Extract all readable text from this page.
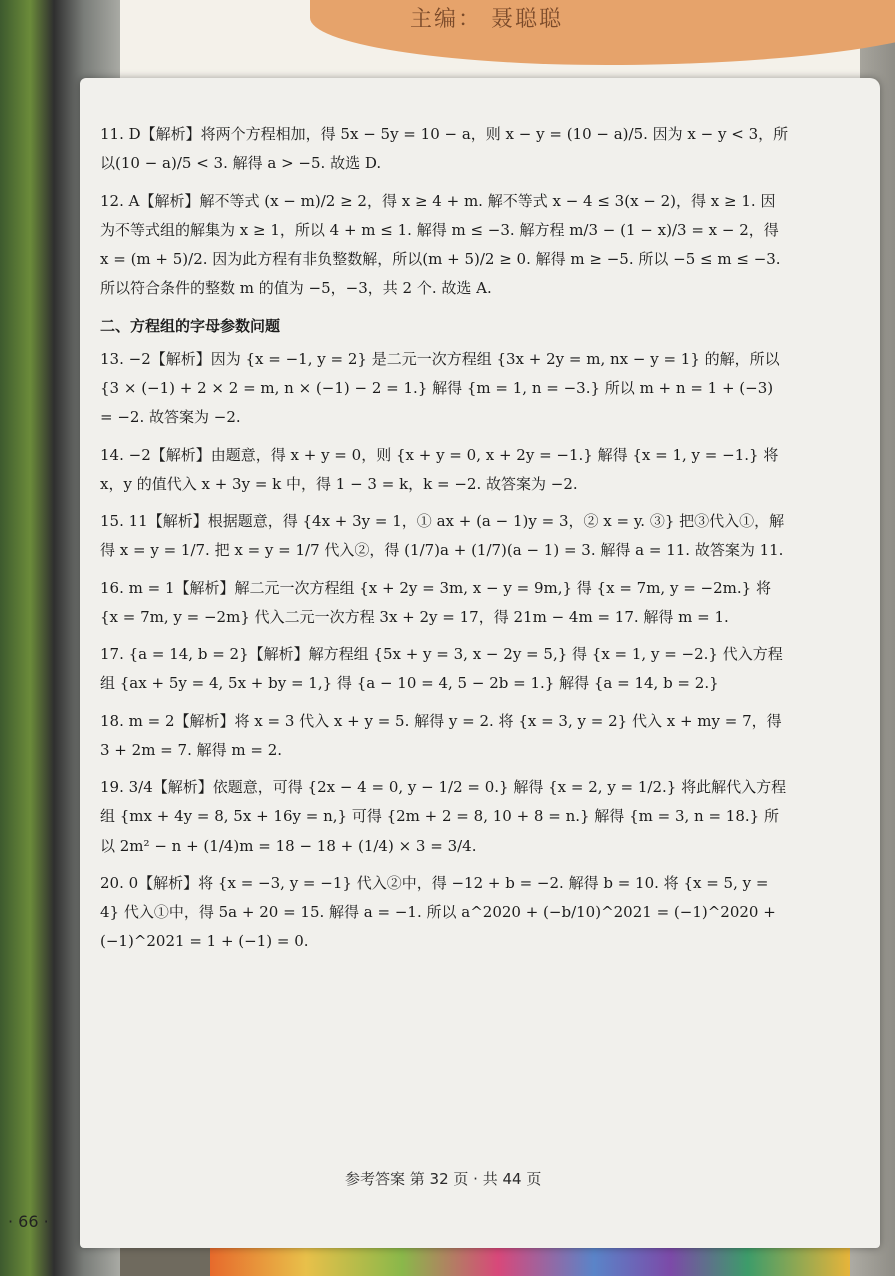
主编： 聂聪聪
11. D【解析】将两个方程相加，得 5x − 5y = 10 − a，则 x − y = (10 − a)/5. 因为 x − y < 3，所以(10 − a)/5 < 3. 解得 a > −5. 故选 D.
12. A【解析】解不等式 (x − m)/2 ≥ 2，得 x ≥ 4 + m. 解不等式 x − 4 ≤ 3(x − 2)，得 x ≥ 1. 因为不等式组的解集为 x ≥ 1，所以 4 + m ≤ 1. 解得 m ≤ −3. 解方程 m/3 − (1 − x)/3 = x − 2，得 x = (m + 5)/2. 因为此方程有非负整数解，所以(m + 5)/2 ≥ 0. 解得 m ≥ −5. 所以 −5 ≤ m ≤ −3. 所以符合条件的整数 m 的值为 −5，−3，共 2 个. 故选 A.
二、方程组的字母参数问题
13. −2【解析】因为 {x = −1, y = 2} 是二元一次方程组 {3x + 2y = m, nx − y = 1} 的解，所以 {3 × (−1) + 2 × 2 = m, n × (−1) − 2 = 1.} 解得 {m = 1, n = −3.} 所以 m + n = 1 + (−3) = −2. 故答案为 −2.
14. −2【解析】由题意，得 x + y = 0，则 {x + y = 0, x + 2y = −1.} 解得 {x = 1, y = −1.} 将 x，y 的值代入 x + 3y = k 中，得 1 − 3 = k，k = −2. 故答案为 −2.
15. 11【解析】根据题意，得 {4x + 3y = 1，① ax + (a − 1)y = 3，② x = y. ③} 把③代入①，解得 x = y = 1/7. 把 x = y = 1/7 代入②，得 (1/7)a + (1/7)(a − 1) = 3. 解得 a = 11. 故答案为 11.
16. m = 1【解析】解二元一次方程组 {x + 2y = 3m, x − y = 9m,} 得 {x = 7m, y = −2m.} 将 {x = 7m, y = −2m} 代入二元一次方程 3x + 2y = 17，得 21m − 4m = 17. 解得 m = 1.
17. {a = 14, b = 2}【解析】解方程组 {5x + y = 3, x − 2y = 5,} 得 {x = 1, y = −2.} 代入方程组 {ax + 5y = 4, 5x + by = 1,} 得 {a − 10 = 4, 5 − 2b = 1.} 解得 {a = 14, b = 2.}
18. m = 2【解析】将 x = 3 代入 x + y = 5. 解得 y = 2. 将 {x = 3, y = 2} 代入 x + my = 7，得 3 + 2m = 7. 解得 m = 2.
19. 3/4【解析】依题意，可得 {2x − 4 = 0, y − 1/2 = 0.} 解得 {x = 2, y = 1/2.} 将此解代入方程组 {mx + 4y = 8, 5x + 16y = n,} 可得 {2m + 2 = 8, 10 + 8 = n.} 解得 {m = 3, n = 18.} 所以 2m² − n + (1/4)m = 18 − 18 + (1/4) × 3 = 3/4.
20. 0【解析】将 {x = −3, y = −1} 代入②中，得 −12 + b = −2. 解得 b = 10. 将 {x = 5, y = 4} 代入①中，得 5a + 20 = 15. 解得 a = −1. 所以 a^2020 + (−b/10)^2021 = (−1)^2020 + (−1)^2021 = 1 + (−1) = 0.
参考答案 第 32 页 · 共 44 页
· 66 ·
